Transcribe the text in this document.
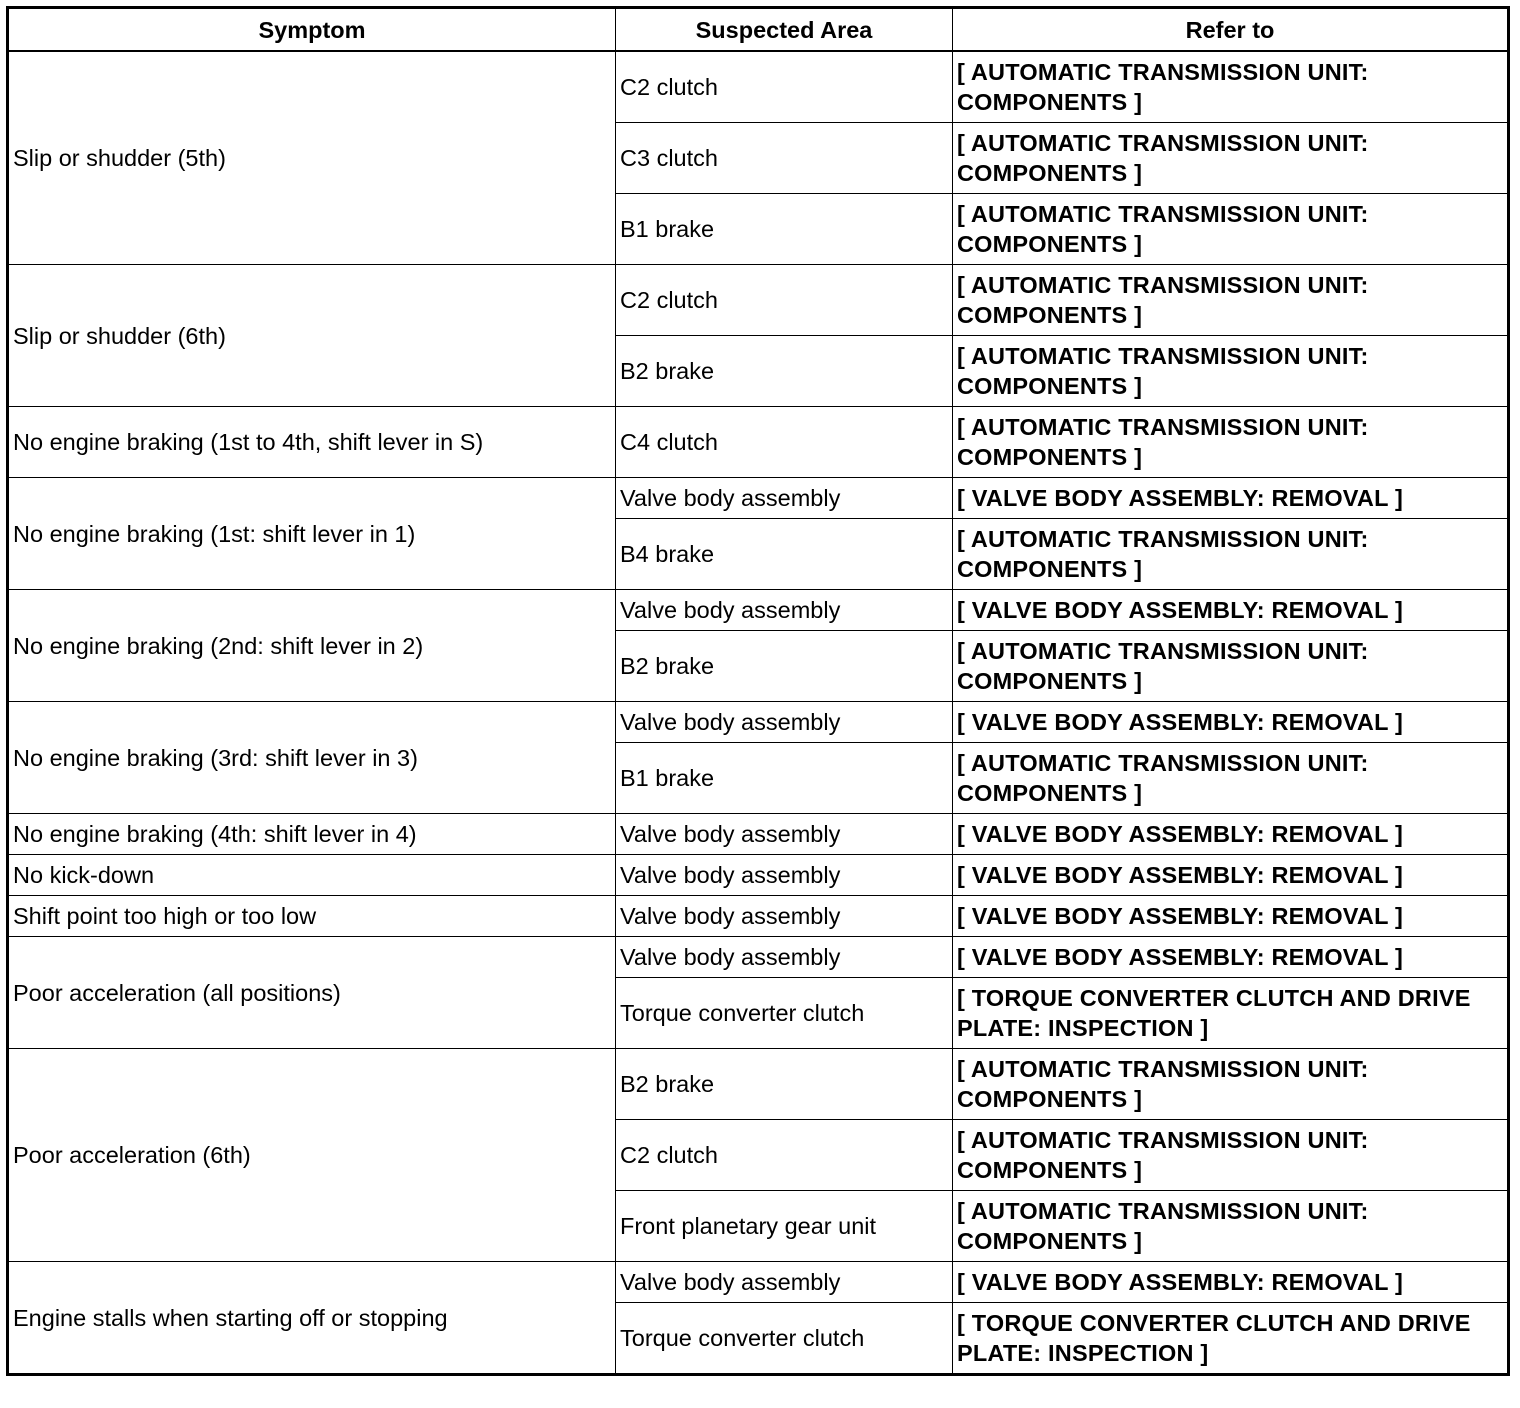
Symptom	Suspected Area	Refer to
Slip or shudder (5th)	C2 clutch	[ AUTOMATIC TRANSMISSION UNIT: COMPONENTS ]
	C3 clutch	[ AUTOMATIC TRANSMISSION UNIT: COMPONENTS ]
	B1 brake	[ AUTOMATIC TRANSMISSION UNIT: COMPONENTS ]
Slip or shudder (6th)	C2 clutch	[ AUTOMATIC TRANSMISSION UNIT: COMPONENTS ]
	B2 brake	[ AUTOMATIC TRANSMISSION UNIT: COMPONENTS ]
No engine braking (1st to 4th, shift lever in S)	C4 clutch	[ AUTOMATIC TRANSMISSION UNIT: COMPONENTS ]
No engine braking (1st: shift lever in 1)	Valve body assembly	[ VALVE BODY ASSEMBLY: REMOVAL ]
	B4 brake	[ AUTOMATIC TRANSMISSION UNIT: COMPONENTS ]
No engine braking (2nd: shift lever in 2)	Valve body assembly	[ VALVE BODY ASSEMBLY: REMOVAL ]
	B2 brake	[ AUTOMATIC TRANSMISSION UNIT: COMPONENTS ]
No engine braking (3rd: shift lever in 3)	Valve body assembly	[ VALVE BODY ASSEMBLY: REMOVAL ]
	B1 brake	[ AUTOMATIC TRANSMISSION UNIT: COMPONENTS ]
No engine braking (4th: shift lever in 4)	Valve body assembly	[ VALVE BODY ASSEMBLY: REMOVAL ]
No kick-down	Valve body assembly	[ VALVE BODY ASSEMBLY: REMOVAL ]
Shift point too high or too low	Valve body assembly	[ VALVE BODY ASSEMBLY: REMOVAL ]
Poor acceleration (all positions)	Valve body assembly	[ VALVE BODY ASSEMBLY: REMOVAL ]
	Torque converter clutch	[ TORQUE CONVERTER CLUTCH AND DRIVE PLATE: INSPECTION ]
Poor acceleration (6th)	B2 brake	[ AUTOMATIC TRANSMISSION UNIT: COMPONENTS ]
	C2 clutch	[ AUTOMATIC TRANSMISSION UNIT: COMPONENTS ]
	Front planetary gear unit	[ AUTOMATIC TRANSMISSION UNIT: COMPONENTS ]
Engine stalls when starting off or stopping	Valve body assembly	[ VALVE BODY ASSEMBLY: REMOVAL ]
	Torque converter clutch	[ TORQUE CONVERTER CLUTCH AND DRIVE PLATE: INSPECTION ]
